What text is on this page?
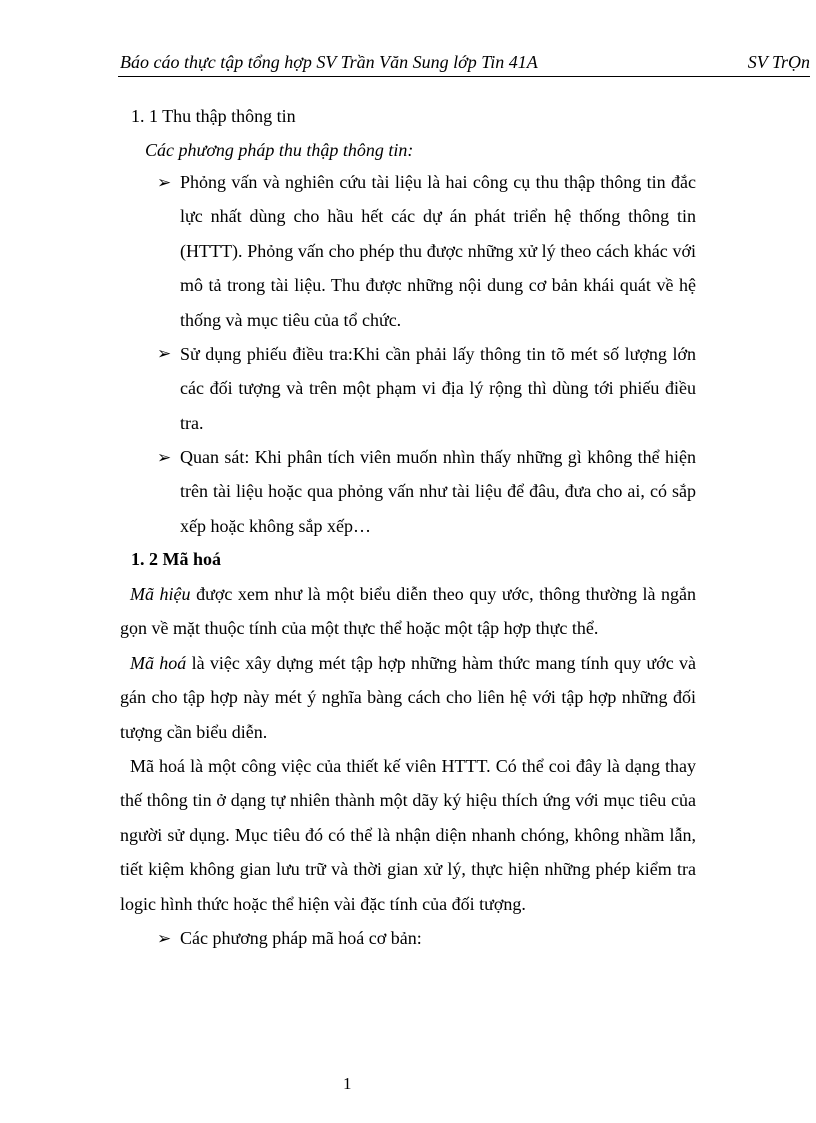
Báo cáo thực tập tổng hợp SV Trần Văn Sung lớp Tin 41A	SV TrỌn
1. 1 Thu thập thông tin
Các phương pháp thu thập thông tin:
➢ Phỏng vấn và nghiên cứu tài liệu là hai công cụ thu thập thông tin đắc lực nhất dùng cho hầu hết các dự án phát triển hệ thống thông tin (HTTT). Phỏng vấn cho phép thu được những xử lý theo cách khác với mô tả trong tài liệu. Thu được những nội dung cơ bản khái quát về hệ thống và mục tiêu của tổ chức.
➢ Sử dụng phiếu điều tra:Khi cần phải lấy thông tin tõ mét số lượng lớn các đối tượng và trên một phạm vi địa lý rộng thì dùng tới phiếu điều tra.
➢ Quan sát: Khi phân tích viên muốn nhìn thấy những gì không thể hiện trên tài liệu hoặc qua phỏng vấn như tài liệu để đâu, đưa cho ai, có sắp xếp hoặc không sắp xếp…
1. 2 Mã hoá
Mã hiệu được xem như là một biểu diễn theo quy ước, thông thường là ngắn gọn về mặt thuộc tính của một thực thể hoặc một tập hợp thực thể.
Mã hoá là việc xây dựng mét tập hợp những hàm thức mang tính quy ước và gán cho tập hợp này mét ý nghĩa bàng cách cho liên hệ với tập hợp những đối tượng cần biểu diễn.
Mã hoá là một công việc của thiết kế viên HTTT. Có thể coi đây là dạng thay thế thông tin ở dạng tự nhiên thành một dãy ký hiệu thích ứng với mục tiêu của người sử dụng. Mục tiêu đó có thể là nhận diện nhanh chóng, không nhầm lẫn, tiết kiệm không gian lưu trữ và thời gian xử lý, thực hiện những phép kiểm tra logic hình thức hoặc thể hiện vài đặc tính của đối tượng.
➢ Các phương pháp mã hoá cơ bản:
1
